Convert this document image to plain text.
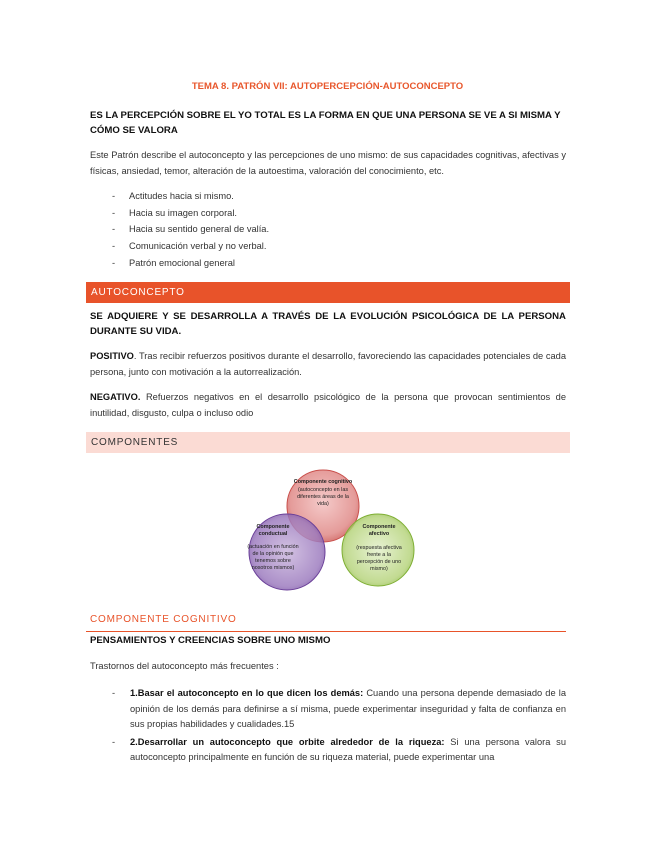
TEMA 8. PATRÓN VII: AUTOPERCEPCIÓN-AUTOCONCEPTO
ES LA PERCEPCIÓN SOBRE EL YO TOTAL ES LA FORMA EN QUE UNA PERSONA SE VE A SI MISMA Y CÓMO SE VALORA
Este Patrón describe el autoconcepto y las percepciones de uno mismo: de sus capacidades cognitivas, afectivas y físicas, ansiedad, temor, alteración de la autoestima, valoración del conocimiento, etc.
- Actitudes hacia si mismo.
- Hacia su imagen corporal.
- Hacia su sentido general de valía.
- Comunicación verbal y no verbal.
- Patrón emocional general
AUTOCONCEPTO
SE ADQUIERE Y SE DESARROLLA A TRAVÉS DE LA EVOLUCIÓN PSICOLÓGICA DE LA PERSONA DURANTE SU VIDA.
POSITIVO. Tras recibir refuerzos positivos durante el desarrollo, favoreciendo las capacidades potenciales de cada persona, junto con motivación a la autorrealización.
NEGATIVO. Refuerzos negativos en el desarrollo psicológico de la persona que provocan sentimientos de inutilidad, disgusto, culpa o incluso odio
COMPONENTES
Componente cognitivo
(autoconcepto en las
diferentes áreas de la
vida)
Componente
conductual
(actuación en función
de la opinión que
tenemos sobre
nosotros mismos)
Componente
afectivo
(respuesta afectiva
frente a la
percepción de uno
mismo)
COMPONENTE COGNITIVO
PENSAMIENTOS Y CREENCIAS SOBRE UNO MISMO
Trastornos del autoconcepto más frecuentes :
- 1.Basar el autoconcepto en lo que dicen los demás: Cuando una persona depende demasiado de la opinión de los demás para definirse a sí misma, puede experimentar inseguridad y falta de confianza en sus propias habilidades y cualidades.15
- 2.Desarrollar un autoconcepto que orbite alrededor de la riqueza: Si una persona valora su autoconcepto principalmente en función de su riqueza material, puede experimentar una
